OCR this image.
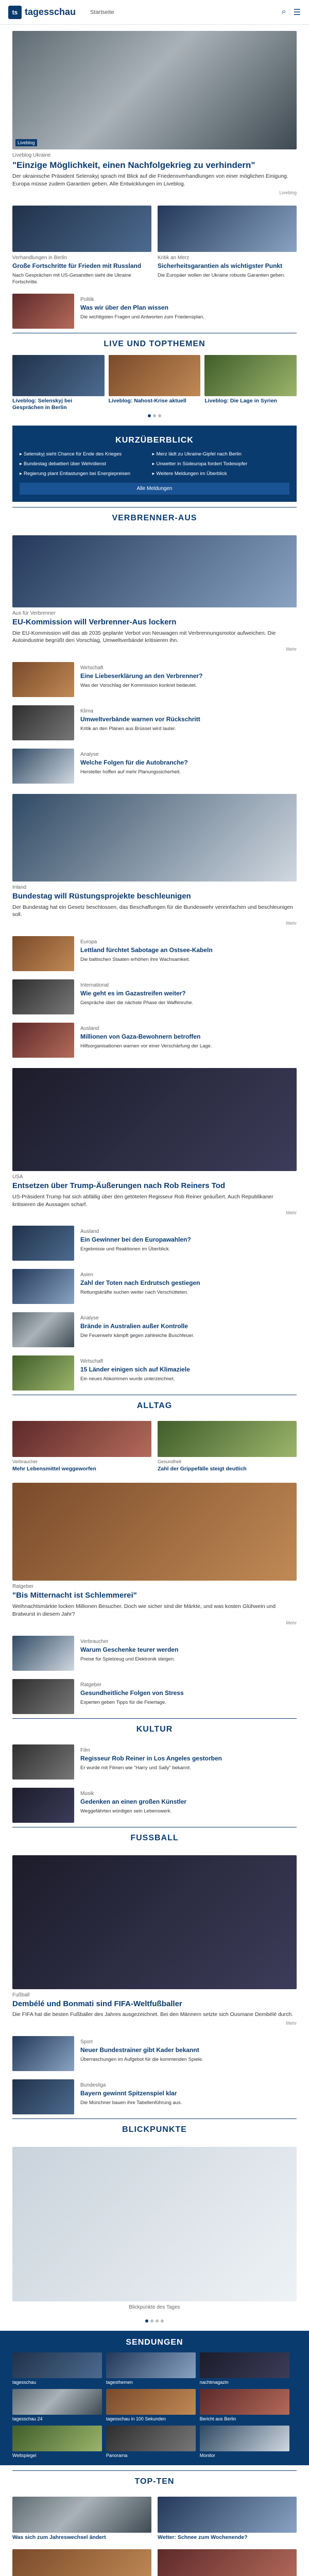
ts tagesschau	Startseite	⌕ ☰
Liveblog
Liveblog Ukraine
"Einzige Möglichkeit, einen Nachfolgekrieg zu verhindern"
Der ukrainische Präsident Selenskyj sprach mit Blick auf die Friedensverhandlungen von einer möglichen Einigung. Europa müsse zudem Garantien geben. Alle Entwicklungen im Liveblog.
Liveblog
Verhandlungen in Berlin
Große Fortschritte für Frieden mit Russland
Nach Gesprächen mit US-Gesandten sieht die Ukraine Fortschritte.
Kritik an Merz
Sicherheitsgarantien als wichtigster Punkt
Die Europäer wollen der Ukraine robuste Garantien geben.
Politik
Was wir über den Plan wissen
Die wichtigsten Fragen und Antworten zum Friedensplan.
LIVE UND TOPTHEMEN
Liveblog: Selenskyj bei Gesprächen in Berlin
Liveblog: Nahost-Krise aktuell	Liveblog: Die Lage in Syrien
KURZÜBERBLICK
▸ Selenskyj sieht Chance für Ende des Krieges	▸ Merz lädt zu Ukraine-Gipfel nach Berlin
▸ Bundestag debattiert über Wehrdienst	▸ Unwetter in Südeuropa fordert Todesopfer
▸ Regierung plant Entlastungen bei Energiepreisen	▸ Weitere Meldungen im Überblick
Alle Meldungen
VERBRENNER-AUS
Aus für Verbrenner
EU-Kommission will Verbrenner-Aus lockern
Die EU-Kommission will das ab 2035 geplante Verbot von Neuwagen mit Verbrennungsmotor aufweichen. Die Autoindustrie begrüßt den Vorschlag, Umweltverbände kritisieren ihn.
Mehr
Wirtschaft
Eine Liebeserklärung an den Verbrenner?
Was der Vorschlag der Kommission konkret bedeutet.
Klima
Umweltverbände warnen vor Rückschritt
Kritik an den Plänen aus Brüssel wird lauter.
Analyse
Welche Folgen für die Autobranche?
Hersteller hoffen auf mehr Planungssicherheit.
Inland
Bundestag will Rüstungsprojekte beschleunigen
Der Bundestag hat ein Gesetz beschlossen, das Beschaffungen für die Bundeswehr vereinfachen und beschleunigen soll.
Mehr
Europa
Lettland fürchtet Sabotage an Ostsee-Kabeln
Die baltischen Staaten erhöhen ihre Wachsamkeit.
International
Wie geht es im Gazastreifen weiter?
Gespräche über die nächste Phase der Waffenruhe.
Ausland
Millionen von Gaza-Bewohnern betroffen
Hilfsorganisationen warnen vor einer Verschärfung der Lage.
USA
Entsetzen über Trump-Äußerungen nach Rob Reiners Tod
US-Präsident Trump hat sich abfällig über den getöteten Regisseur Rob Reiner geäußert. Auch Republikaner kritisieren die Aussagen scharf.
Mehr
Ausland
Ein Gewinner bei den Europawahlen?
Ergebnisse und Reaktionen im Überblick.
Asien
Zahl der Toten nach Erdrutsch gestiegen
Rettungskräfte suchen weiter nach Verschütteten.
Analyse
Brände in Australien außer Kontrolle
Die Feuerwehr kämpft gegen zahlreiche Buschfeuer.
Wirtschaft
15 Länder einigen sich auf Klimaziele
Ein neues Abkommen wurde unterzeichnet.
ALLTAG
Verbraucher
Mehr Lebensmittel weggeworfen
Gesundheit
Zahl der Grippefälle steigt deutlich
Ratgeber
"Bis Mitternacht ist Schlemmerei"
Weihnachtsmärkte locken Millionen Besucher. Doch wie sicher sind die Märkte, und was kosten Glühwein und Bratwurst in diesem Jahr?
Mehr
Verbraucher
Warum Geschenke teurer werden
Preise für Spielzeug und Elektronik steigen.
Ratgeber
Gesundheitliche Folgen von Stress
Experten geben Tipps für die Feiertage.
KULTUR
Film
Regisseur Rob Reiner in Los Angeles gestorben
Er wurde mit Filmen wie "Harry und Sally" bekannt.
Musik
Gedenken an einen großen Künstler
Weggefährten würdigen sein Lebenswerk.
FUSSBALL
Fußball
Dembélé und Bonmati sind FIFA-Weltfußballer
Die FIFA hat die besten Fußballer des Jahres ausgezeichnet. Bei den Männern setzte sich Ousmane Dembélé durch.
Mehr
Sport
Neuer Bundestrainer gibt Kader bekannt
Überraschungen im Aufgebot für die kommenden Spiele.
Bundesliga
Bayern gewinnt Spitzenspiel klar
Die Münchner bauen ihre Tabellenführung aus.
BLICKPUNKTE
Blickpunkte des Tages
SENDUNGEN
tagesschau	tagesthemen	nachtmagazin
tagesschau 24	tagesschau in 100 Sekunden	Bericht aus Berlin
Weltspiegel	Panorama	Monitor
TOP-TEN
Was sich zum Jahreswechsel ändert	Wetter: Schnee zum Wochenende?
